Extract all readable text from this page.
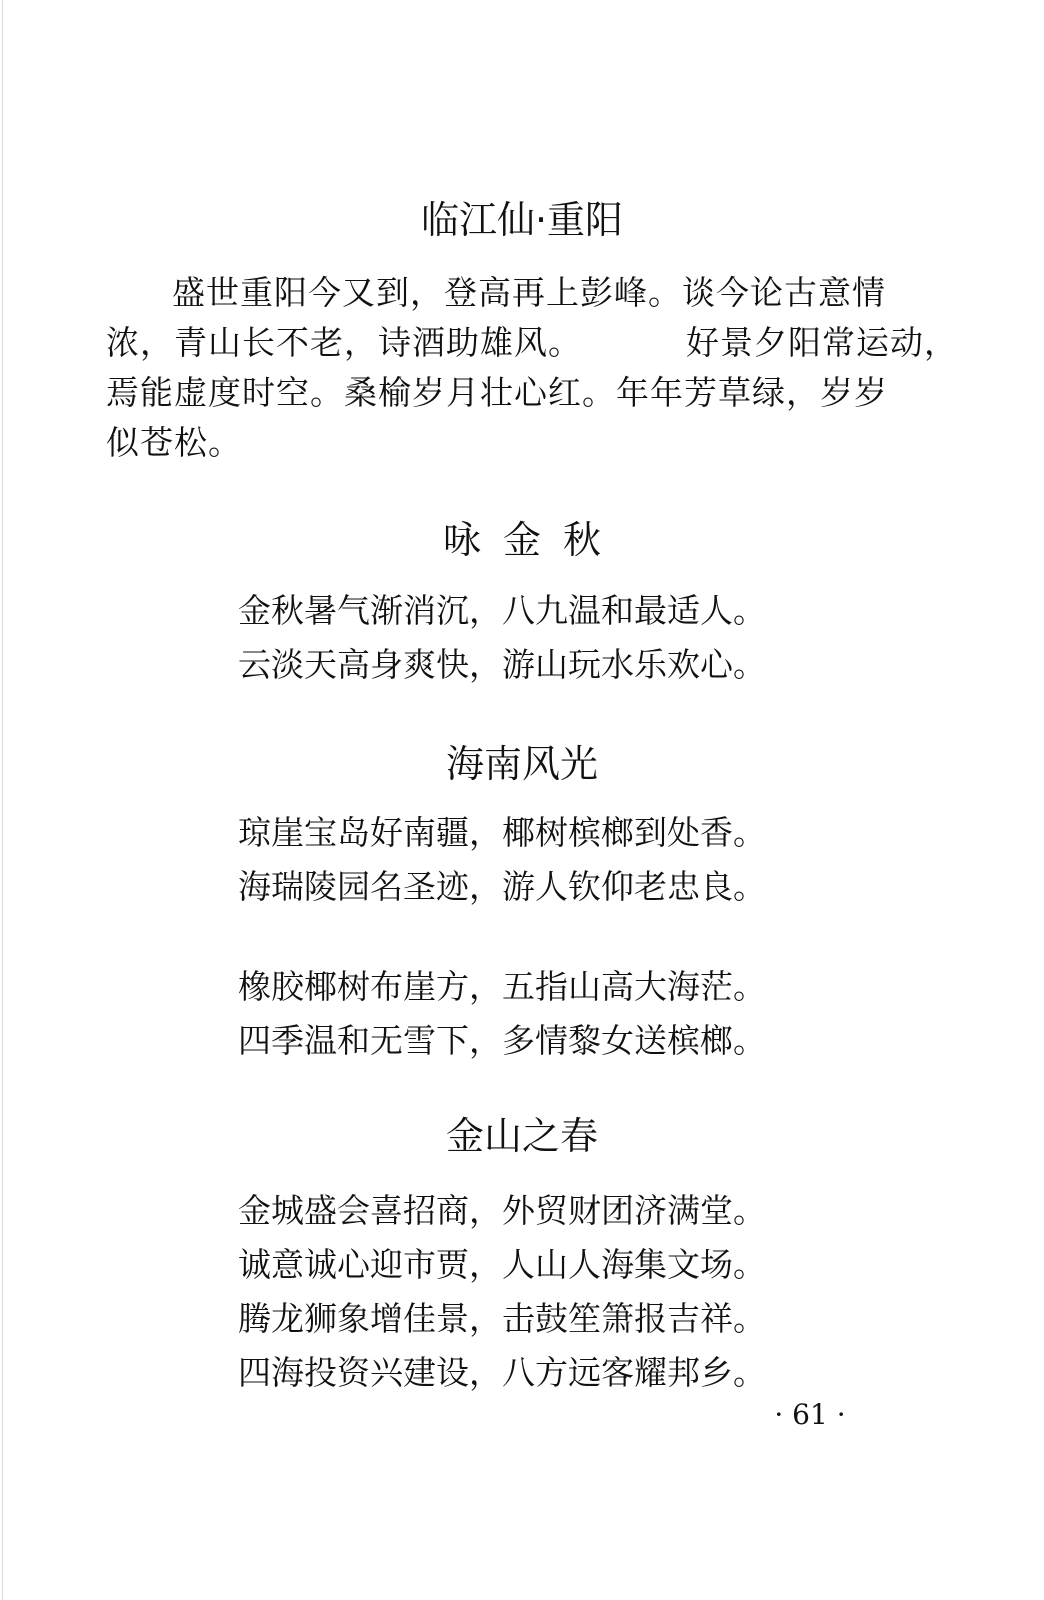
临江仙·重阳
盛世重阳今又到，登高再上彭峰。谈今论古意情
浓，青山长不老，诗酒助雄风。	好景夕阳常运动，
焉能虚度时空。桑榆岁月壮心红。年年芳草绿，岁岁
似苍松。
咏金秋
金秋暑气渐消沉，八九温和最适人。
云淡天高身爽快，游山玩水乐欢心。
海南风光
琼崖宝岛好南疆，椰树槟榔到处香。
海瑞陵园名圣迹，游人钦仰老忠良。
橡胶椰树布崖方，五指山高大海茫。
四季温和无雪下，多情黎女送槟榔。
金山之春
金城盛会喜招商，外贸财团济满堂。
诚意诚心迎市贾，人山人海集文场。
腾龙狮象增佳景，击鼓笙箫报吉祥。
四海投资兴建设，八方远客耀邦乡。
· 61 ·
